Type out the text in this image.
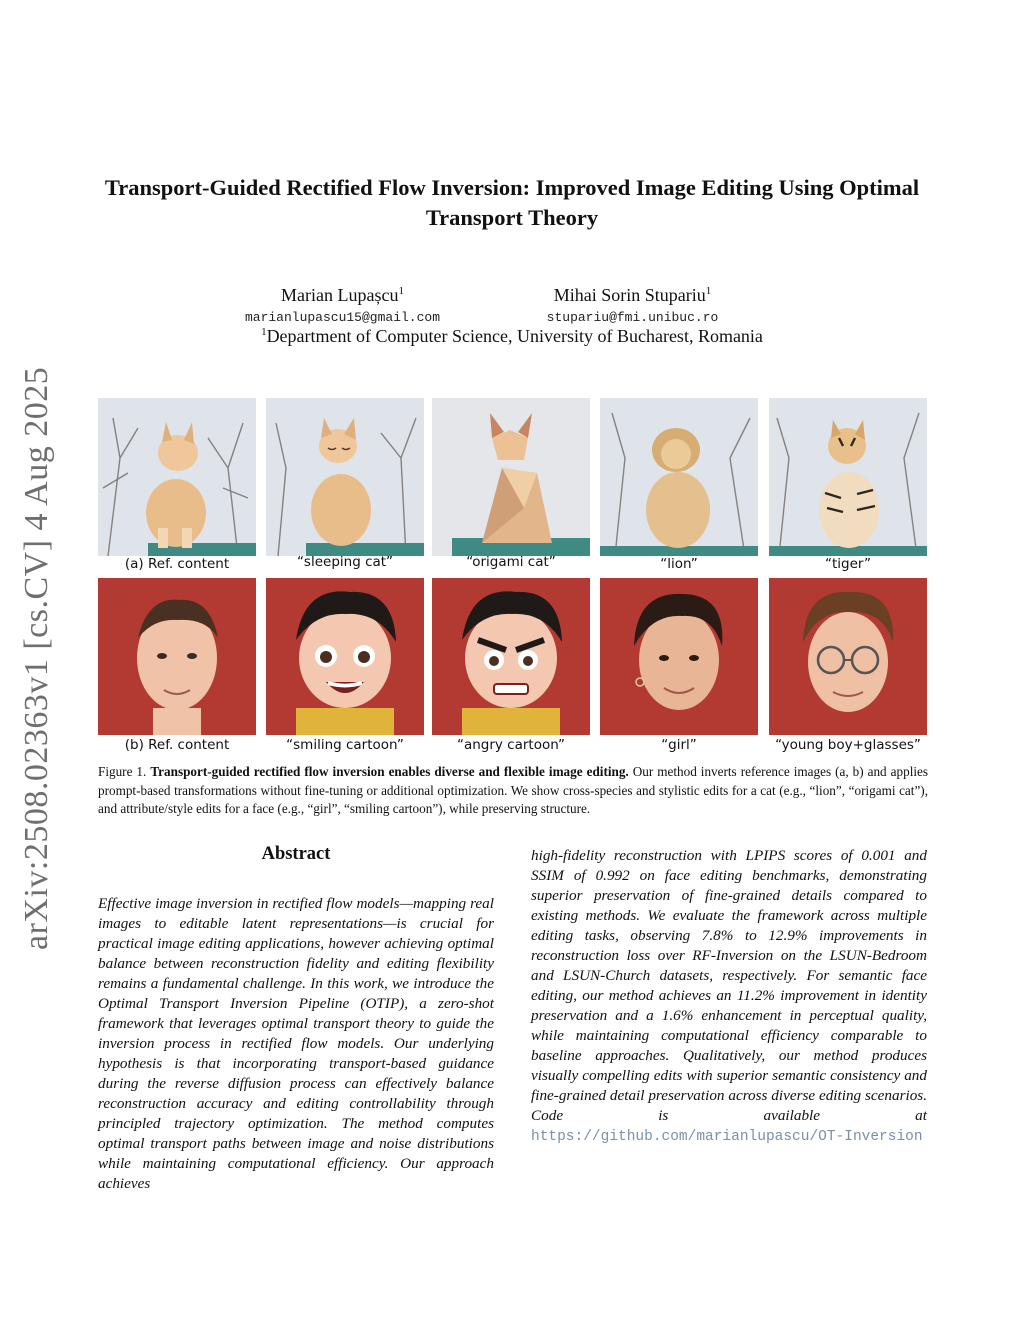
arXiv:2508.02363v1 [cs.CV] 4 Aug 2025
Transport-Guided Rectified Flow Inversion: Improved Image Editing Using Optimal Transport Theory
Marian Lupașcu$^1$
marianlupascu15@gmail.com
Mihai Sorin Stupariu$^1$
stupariu@fmi.unibuc.ro
$^1$Department of Computer Science, University of Bucharest, Romania
(a) Ref. content	“sleeping cat”	“origami cat”	“lion”	“tiger”
(b) Ref. content	“smiling cartoon”	“angry cartoon”	“girl”	“young boy+glasses”
Figure 1. Transport-guided rectified flow inversion enables diverse and flexible image editing. Our method inverts reference images (a, b) and applies prompt-based transformations without fine-tuning or additional optimization. We show cross-species and stylistic edits for a cat (e.g., “lion”, “origami cat”), and attribute/style edits for a face (e.g., “girl”, “smiling cartoon”), while preserving structure.
Abstract
Effective image inversion in rectified flow models—mapping real images to editable latent representations—is crucial for practical image editing applications, however achieving optimal balance between reconstruction fidelity and editing flexibility remains a fundamental challenge. In this work, we introduce the Optimal Transport Inversion Pipeline (OTIP), a zero-shot framework that leverages optimal transport theory to guide the inversion process in rectified flow models. Our underlying hypothesis is that incorporating transport-based guidance during the reverse diffusion process can effectively balance reconstruction accuracy and editing controllability through principled trajectory optimization. The method computes optimal transport paths between image and noise distributions while maintaining computational efficiency. Our approach achieves
high-fidelity reconstruction with LPIPS scores of 0.001 and SSIM of 0.992 on face editing benchmarks, demonstrating superior preservation of fine-grained details compared to existing methods. We evaluate the framework across multiple editing tasks, observing 7.8% to 12.9% improvements in reconstruction loss over RF-Inversion on the LSUN-Bedroom and LSUN-Church datasets, respectively. For semantic face editing, our method achieves an 11.2% improvement in identity preservation and a 1.6% enhancement in perceptual quality, while maintaining computational efficiency comparable to baseline approaches. Qualitatively, our method produces visually compelling edits with superior semantic consistency and fine-grained detail preservation across diverse editing scenarios. Code is available at https://github.com/marianlupascu/OT-Inversion
